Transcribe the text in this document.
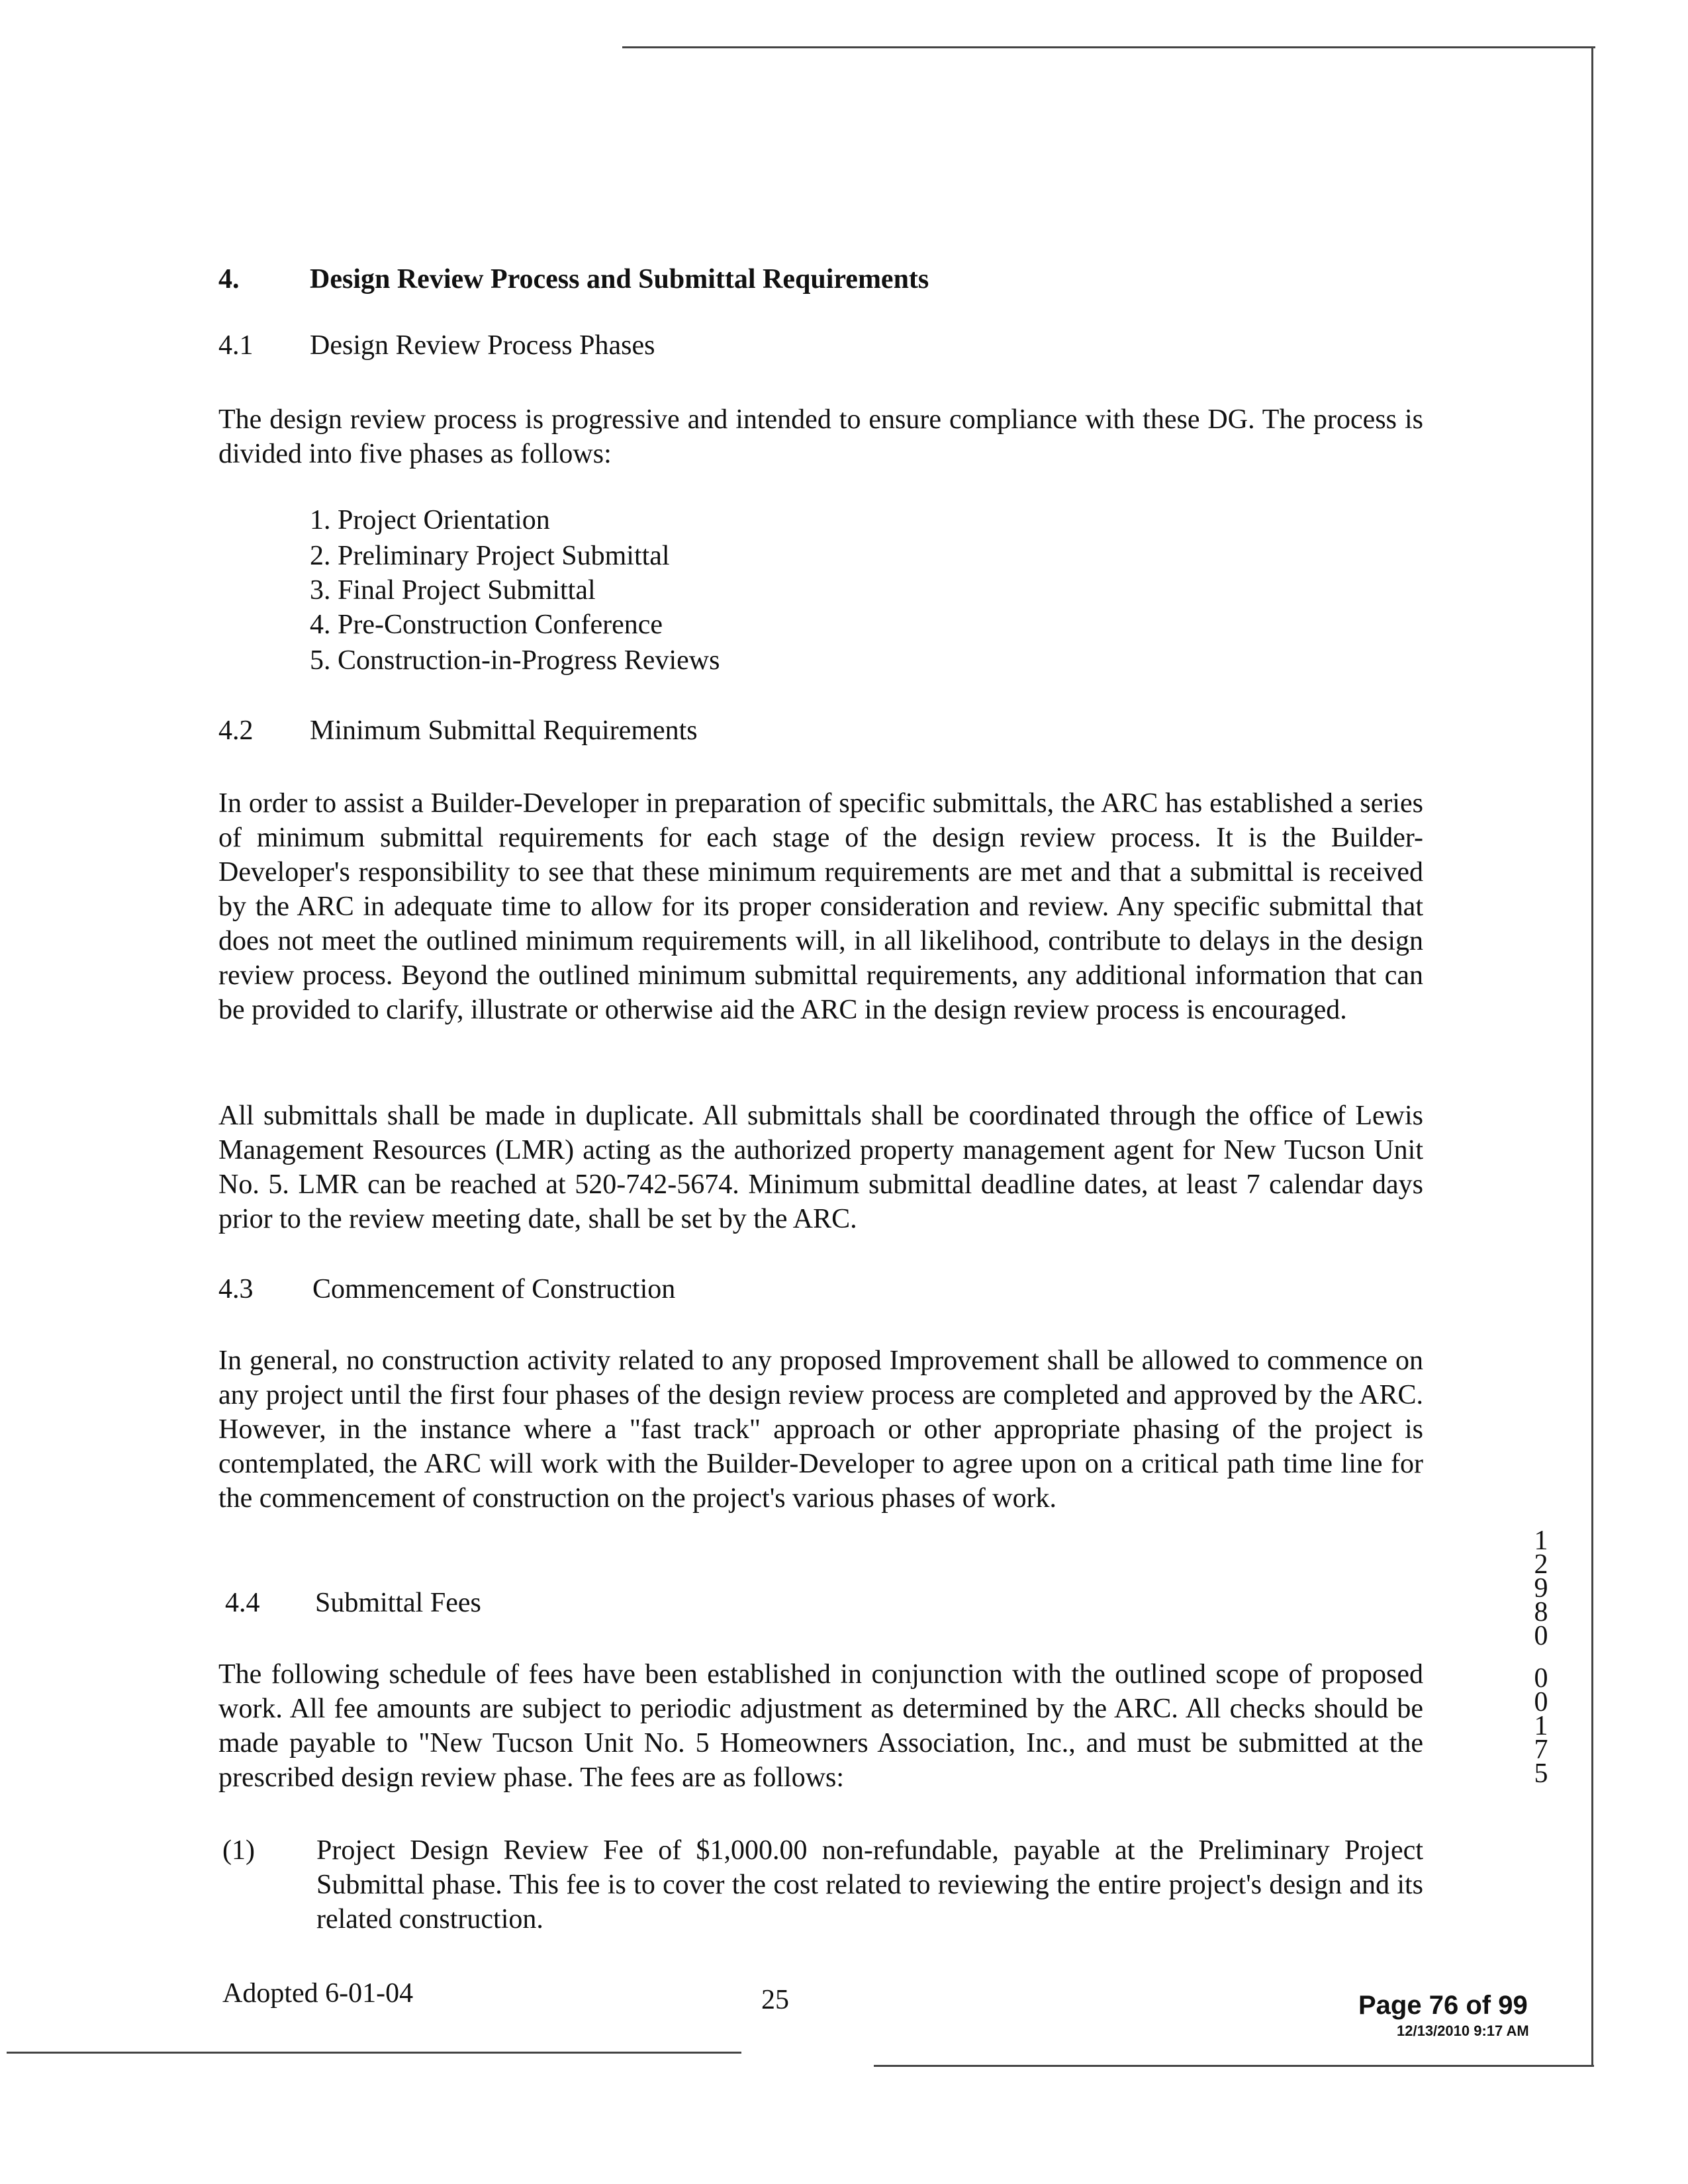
4.	Design Review Process and Submittal Requirements
4.1 Design Review Process Phases
The design review process is progressive and intended to ensure compliance with these DG. The process is divided into five phases as follows:
1. Project Orientation
2. Preliminary Project Submittal
3. Final Project Submittal
4. Pre-Construction Conference
5. Construction-in-Progress Reviews
4.2 Minimum Submittal Requirements
In order to assist a Builder-Developer in preparation of specific submittals, the ARC has established a series of minimum submittal requirements for each stage of the design review process. It is the Builder-Developer's responsibility to see that these minimum requirements are met and that a submittal is received by the ARC in adequate time to allow for its proper consideration and review. Any specific submittal that does not meet the outlined minimum requirements will, in all likelihood, contribute to delays in the design review process. Beyond the outlined minimum submittal requirements, any additional information that can be provided to clarify, illustrate or otherwise aid the ARC in the design review process is encouraged.
All submittals shall be made in duplicate. All submittals shall be coordinated through the office of Lewis Management Resources (LMR) acting as the authorized property management agent for New Tucson Unit No. 5. LMR can be reached at 520-742-5674. Minimum submittal deadline dates, at least 7 calendar days prior to the review meeting date, shall be set by the ARC.
4.3 Commencement of Construction
In general, no construction activity related to any proposed Improvement shall be allowed to commence on any project until the first four phases of the design review process are completed and approved by the ARC. However, in the instance where a "fast track" approach or other appropriate phasing of the project is contemplated, the ARC will work with the Builder-Developer to agree upon on a critical path time line for the commencement of construction on the project's various phases of work.
4.4 Submittal Fees
The following schedule of fees have been established in conjunction with the outlined scope of proposed work. All fee amounts are subject to periodic adjustment as determined by the ARC. All checks should be made payable to "New Tucson Unit No. 5 Homeowners Association, Inc., and must be submitted at the prescribed design review phase. The fees are as follows:
(1) Project Design Review Fee of $1,000.00 non-refundable, payable at the Preliminary Project Submittal phase. This fee is to cover the cost related to reviewing the entire project's design and its related construction.
Adopted 6-01-04	25	Page 76 of 99
12/13/2010 9:17 AM
1
2
9
8
0
0
0
1
7
5
